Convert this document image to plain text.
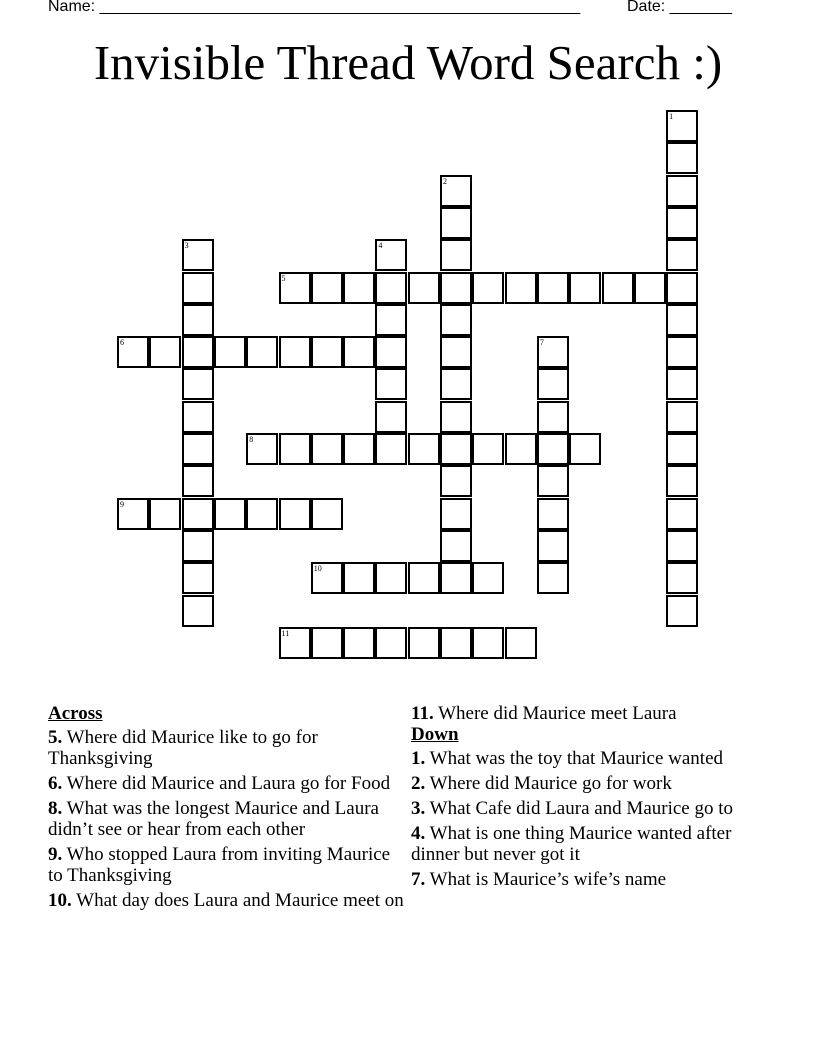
Name: ______________________________________________________	Date: _______
Invisible Thread Word Search :)
1
2
3	4
5
6	7
8
9
10
11
Across
5. Where did Maurice like to go for Thanksgiving
6. Where did Maurice and Laura go for Food
8. What was the longest Maurice and Laura didn’t see or hear from each other
9. Who stopped Laura from inviting Maurice to Thanksgiving
10. What day does Laura and Maurice meet on
11. Where did Maurice meet Laura
Down
1. What was the toy that Maurice wanted
2. Where did Maurice go for work
3. What Cafe did Laura and Maurice go to
4. What is one thing Maurice wanted after dinner but never got it
7. What is Maurice’s wife’s name
